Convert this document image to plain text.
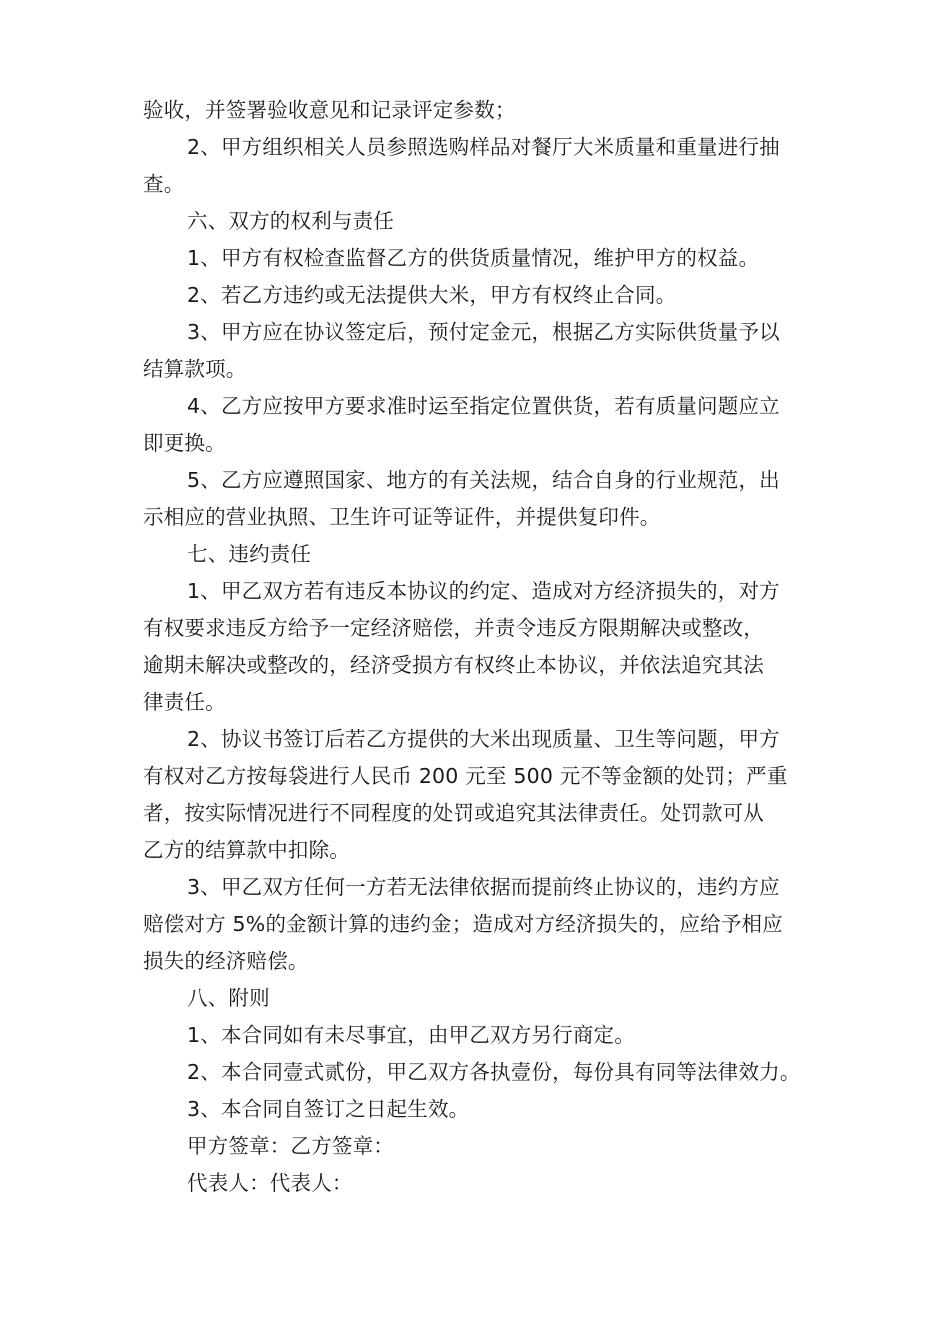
验收，并签署验收意见和记录评定参数；
2、甲方组织相关人员参照选购样品对餐厅大米质量和重量进行抽
查。
六、双方的权利与责任
1、甲方有权检查监督乙方的供货质量情况，维护甲方的权益。
2、若乙方违约或无法提供大米，甲方有权终止合同。
3、甲方应在协议签定后，预付定金元，根据乙方实际供货量予以
结算款项。
4、乙方应按甲方要求准时运至指定位置供货，若有质量问题应立
即更换。
5、乙方应遵照国家、地方的有关法规，结合自身的行业规范，出
示相应的营业执照、卫生许可证等证件，并提供复印件。
七、违约责任
1、甲乙双方若有违反本协议的约定、造成对方经济损失的，对方
有权要求违反方给予一定经济赔偿，并责令违反方限期解决或整改，
逾期未解决或整改的，经济受损方有权终止本协议，并依法追究其法
律责任。
2、协议书签订后若乙方提供的大米出现质量、卫生等问题，甲方
有权对乙方按每袋进行人民币 200 元至 500 元不等金额的处罚；严重
者，按实际情况进行不同程度的处罚或追究其法律责任。处罚款可从
乙方的结算款中扣除。
3、甲乙双方任何一方若无法律依据而提前终止协议的，违约方应
赔偿对方 5%的金额计算的违约金；造成对方经济损失的，应给予相应
损失的经济赔偿。
八、附则
1、本合同如有未尽事宜，由甲乙双方另行商定。
2、本合同壹式贰份，甲乙双方各执壹份，每份具有同等法律效力。
3、本合同自签订之日起生效。
甲方签章：乙方签章：
代表人：代表人：
